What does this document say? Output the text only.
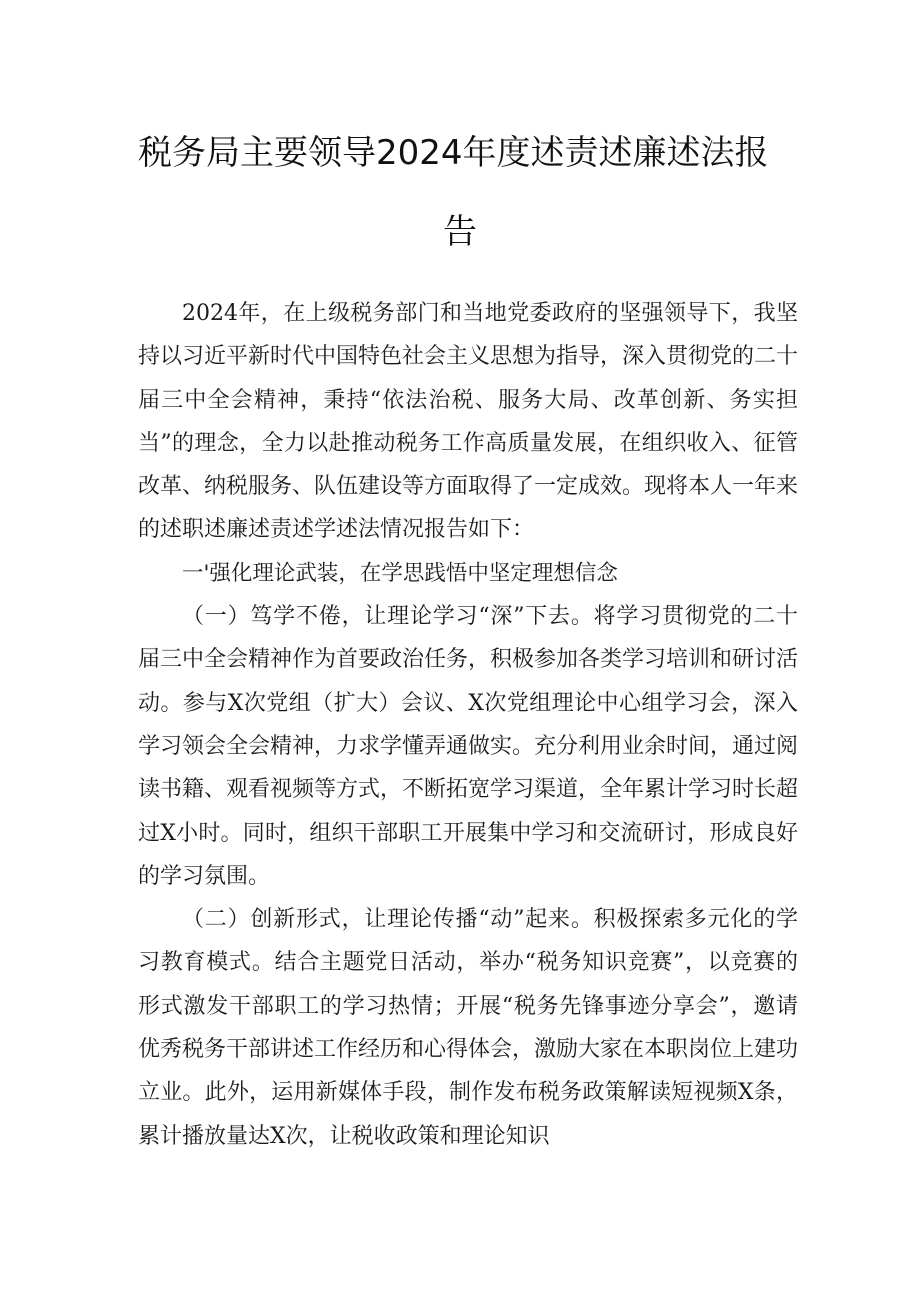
税务局主要领导2024年度述责述廉述法报
告

2024年，在上级税务部门和当地党委政府的坚强领导下，我坚持以习近平新时代中国特色社会主义思想为指导，深入贯彻党的二十届三中全会精神，秉持“依法治税、服务大局、改革创新、务实担当”的理念，全力以赴推动税务工作高质量发展，在组织收入、征管改革、纳税服务、队伍建设等方面取得了一定成效。现将本人一年来的述职述廉述责述学述法情况报告如下：

一'强化理论武装，在学思践悟中坚定理想信念

（一）笃学不倦，让理论学习“深”下去。将学习贯彻党的二十届三中全会精神作为首要政治任务，积极参加各类学习培训和研讨活动。参与X次党组（扩大）会议、X次党组理论中心组学习会，深入学习领会全会精神，力求学懂弄通做实。充分利用业余时间，通过阅读书籍、观看视频等方式，不断拓宽学习渠道，全年累计学习时长超过X小时。同时，组织干部职工开展集中学习和交流研讨，形成良好的学习氛围。

（二）创新形式，让理论传播“动”起来。积极探索多元化的学习教育模式。结合主题党日活动，举办“税务知识竞赛”，以竞赛的形式激发干部职工的学习热情；开展“税务先锋事迹分享会”，邀请优秀税务干部讲述工作经历和心得体会，激励大家在本职岗位上建功立业。此外，运用新媒体手段，制作发布税务政策解读短视频X条，累计播放量达X次，让税收政策和理论知识
